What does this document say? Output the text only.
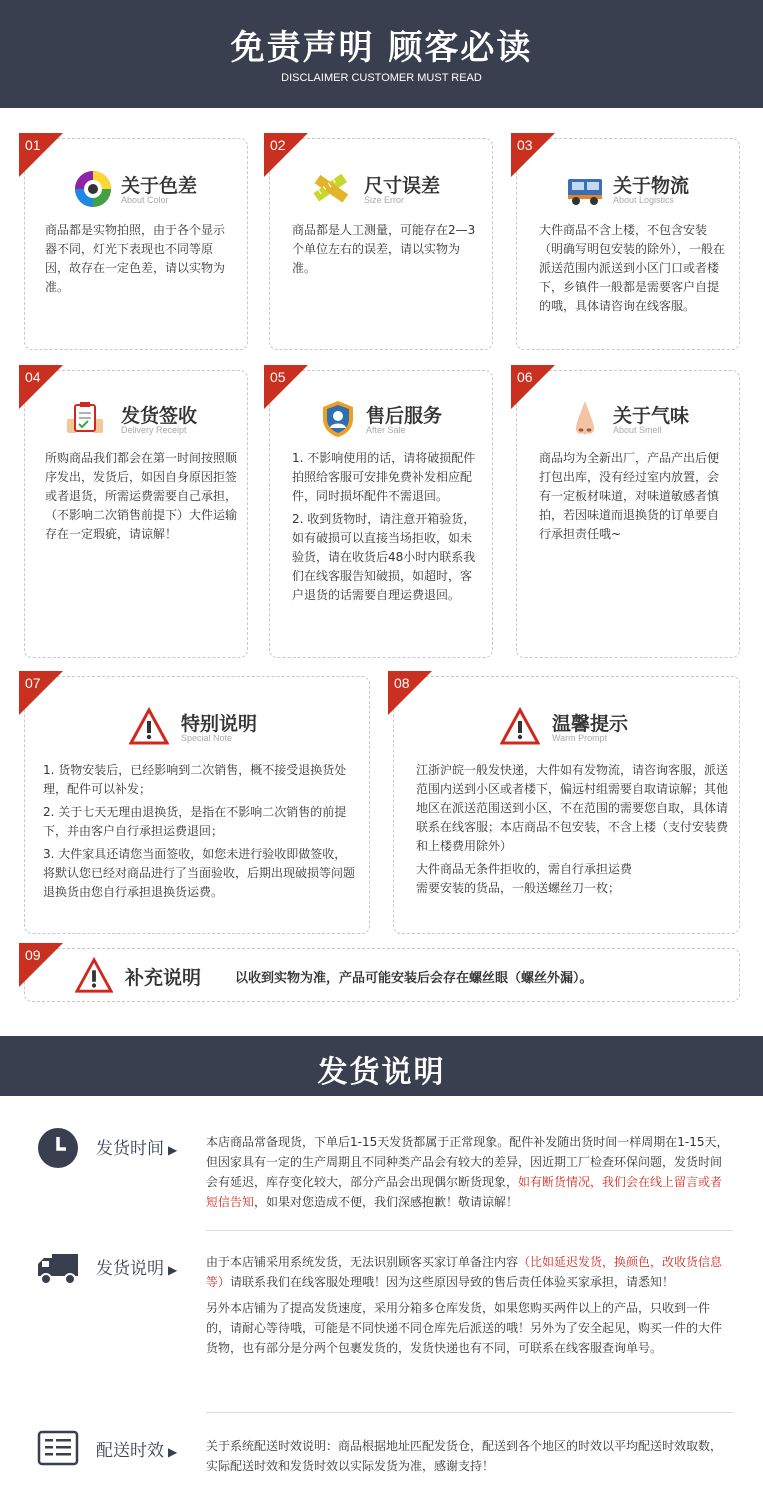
免责声明 顾客必读
DISCLAIMER CUSTOMER MUST READ
01
关于色差
About Color

商品都是实物拍照，由于各个显示器不同，灯光下表现也不同等原因，故存在一定色差，请以实物为准。

02
尺寸误差
Size Error

商品都是人工测量，可能存在2—3个单位左右的误差，请以实物为准。

03
关于物流
About Logistics

大件商品不含上楼，不包含安装（明确写明包安装的除外），一般在派送范围内派送到小区门口或者楼下，乡镇件一般都是需要客户自提的哦，具体请咨询在线客服。

04
发货签收
Delivery Receipt

所购商品我们都会在第一时间按照顺序发出，发货后，如因自身原因拒签或者退货，所需运费需要自己承担，（不影响二次销售前提下）大件运输存在一定瑕疵，请谅解！

05
售后服务
After Sale

1. 不影响使用的话，请将破损配件拍照给客服可安排免费补发相应配件，同时损坏配件不需退回。

2. 收到货物时，请注意开箱验货，如有破损可以直接当场拒收，如未验货，请在收货后48小时内联系我们在线客服告知破损，如超时，客户退货的话需要自理运费退回。

06
关于气味
About Smell

商品均为全新出厂，产品产出后便打包出库，没有经过室内放置，会有一定板材味道，对味道敏感者慎拍，若因味道而退换货的订单要自行承担责任哦~

07
特别说明
Special Note

1. 货物安装后，已经影响到二次销售，概不接受退换货处理，配件可以补发；

2. 关于七天无理由退换货，是指在不影响二次销售的前提下，并由客户自行承担运费退回；

3. 大件家具还请您当面签收，如您未进行验收即做签收，将默认您已经对商品进行了当面验收，后期出现破损等问题退换货由您自行承担退换货运费。

08
温馨提示
Warm Prompt

江浙沪皖一般发快递，大件如有发物流，请咨询客服，派送范围内送到小区或者楼下，偏远村组需要自取请谅解；其他地区在派送范围送到小区，不在范围的需要您自取，具体请联系在线客服；本店商品不包安装，不含上楼（支付安装费和上楼费用除外）

大件商品无条件拒收的，需自行承担运费

需要安装的货品，一般送螺丝刀一枚；

09
补充说明	以收到实物为准，产品可能安装后会存在螺丝眼（螺丝外漏）。
发货说明
发货时间 ▶

本店商品常备现货，下单后1-15天发货都属于正常现象。配件补发随出货时间一样周期在1-15天，但因家具有一定的生产周期且不同种类产品会有较大的差异，因近期工厂检查环保问题，发货时间会有延迟，库存变化较大，部分产品会出现偶尔断货现象，如有断货情况，我们会在线上留言或者短信告知，如果对您造成不便，我们深感抱歉！敬请谅解！

发货说明 ▶

由于本店铺采用系统发货，无法识别顾客买家订单备注内容（比如延迟发货，换颜色，改收货信息等）请联系我们在线客服处理哦！因为这些原因导致的售后责任体验买家承担，请悉知！

另外本店铺为了提高发货速度，采用分箱多仓库发货，如果您购买两件以上的产品，只收到一件的，请耐心等待哦，可能是不同快递不同仓库先后派送的哦！另外为了安全起见，购买一件的大件货物，也有部分是分两个包裹发货的，发货快递也有不同，可联系在线客服查询单号。

配送时效 ▶ 关于系统配送时效说明：商品根据地址匹配发货仓，配送到各个地区的时效以平均配送时效取数，实际配送时效和发货时效以实际发货为准，感谢支持！
